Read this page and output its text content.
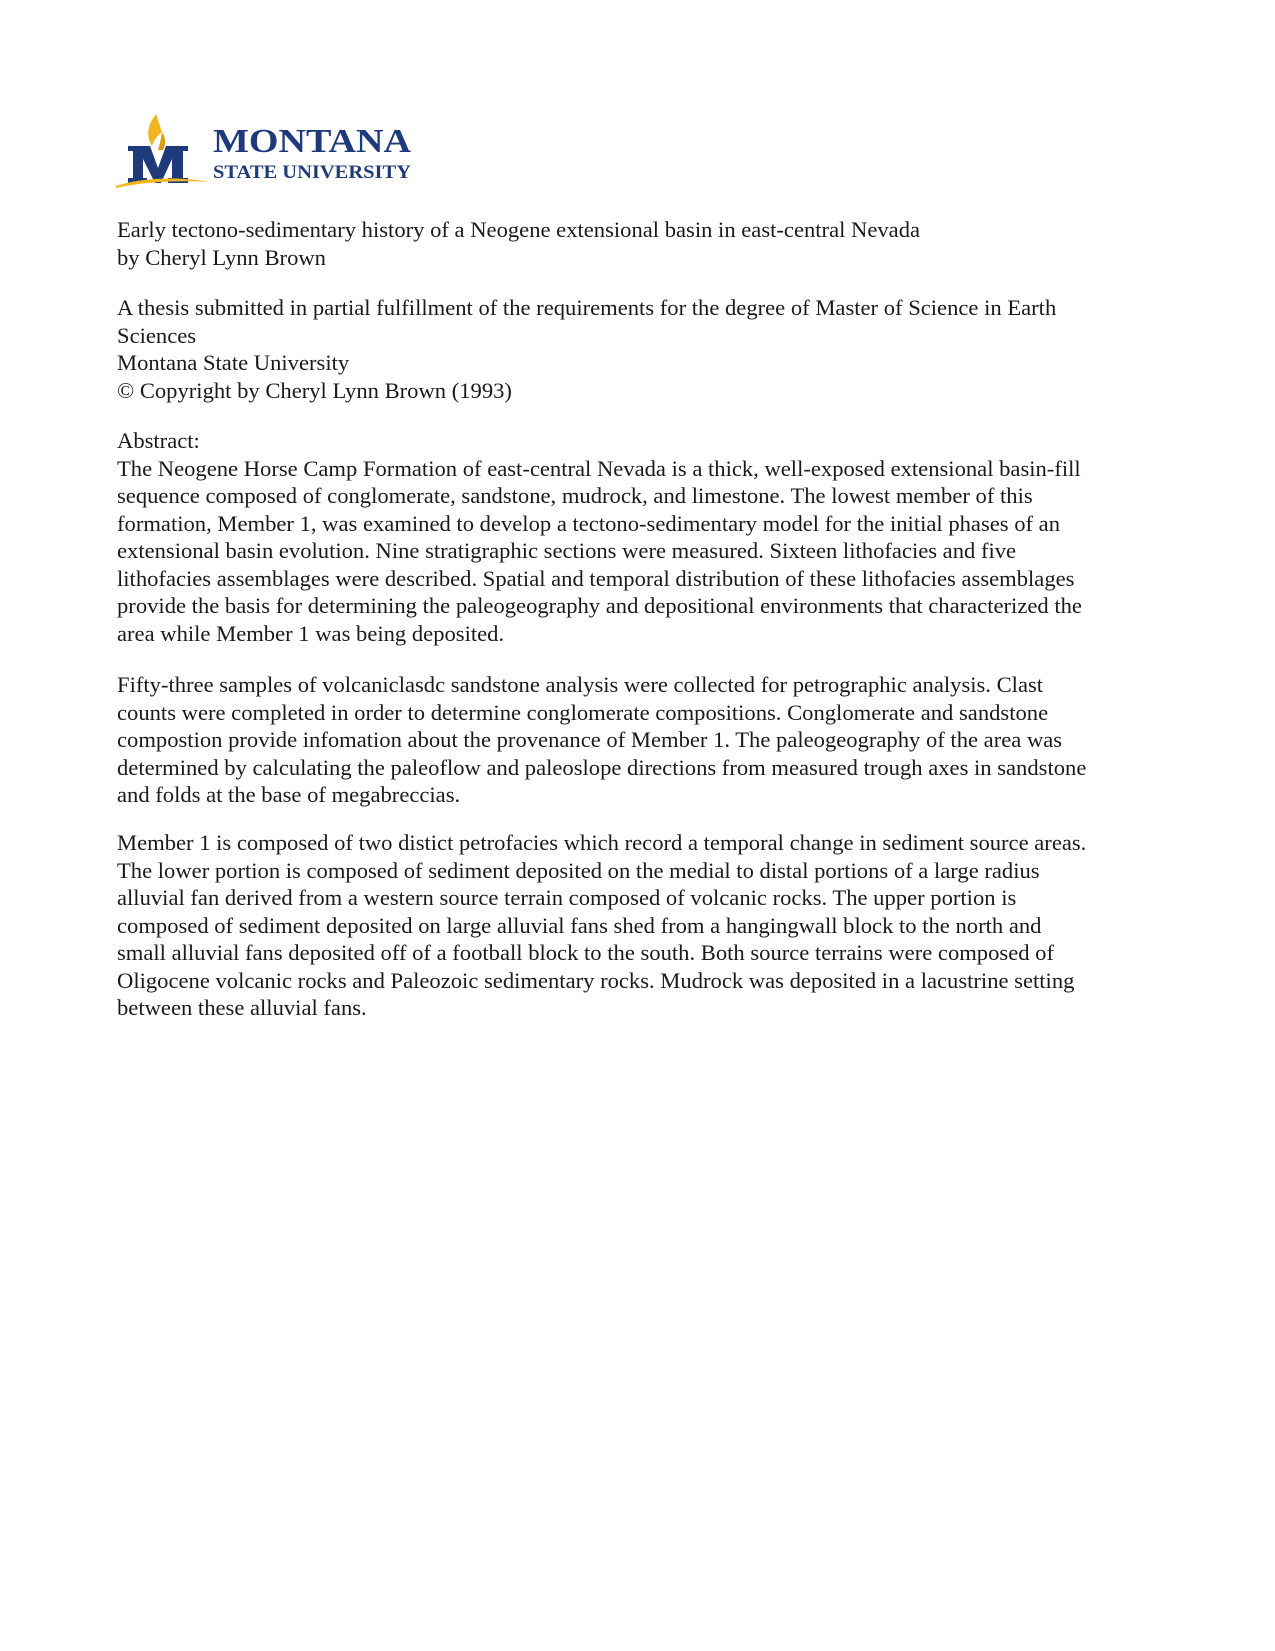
MONTANA
STATE UNIVERSITY
Early tectono-sedimentary history of a Neogene extensional basin in east-central Nevada
by Cheryl Lynn Brown
A thesis submitted in partial fulfillment of the requirements for the degree of Master of Science in Earth Sciences
Montana State University
© Copyright by Cheryl Lynn Brown (1993)
Abstract:

The Neogene Horse Camp Formation of east-central Nevada is a thick, well-exposed extensional basin-fill sequence composed of conglomerate, sandstone, mudrock, and limestone. The lowest member of this formation, Member 1, was examined to develop a tectono-sedimentary model for the initial phases of an extensional basin evolution. Nine stratigraphic sections were measured. Sixteen lithofacies and five lithofacies assemblages were described. Spatial and temporal distribution of these lithofacies assemblages provide the basis for determining the paleogeography and depositional environments that characterized the area while Member 1 was being deposited.

Fifty-three samples of volcaniclasdc sandstone analysis were collected for petrographic analysis. Clast counts were completed in order to determine conglomerate compositions. Conglomerate and sandstone compostion provide infomation about the provenance of Member 1. The paleogeography of the area was determined by calculating the paleoflow and paleoslope directions from measured trough axes in sandstone and folds at the base of megabreccias.

Member 1 is composed of two distict petrofacies which record a temporal change in sediment source areas. The lower portion is composed of sediment deposited on the medial to distal portions of a large radius alluvial fan derived from a western source terrain composed of volcanic rocks. The upper portion is composed of sediment deposited on large alluvial fans shed from a hangingwall block to the north and small alluvial fans deposited off of a football block to the south. Both source terrains were composed of Oligocene volcanic rocks and Paleozoic sedimentary rocks. Mudrock was deposited in a lacustrine setting between these alluvial fans.
